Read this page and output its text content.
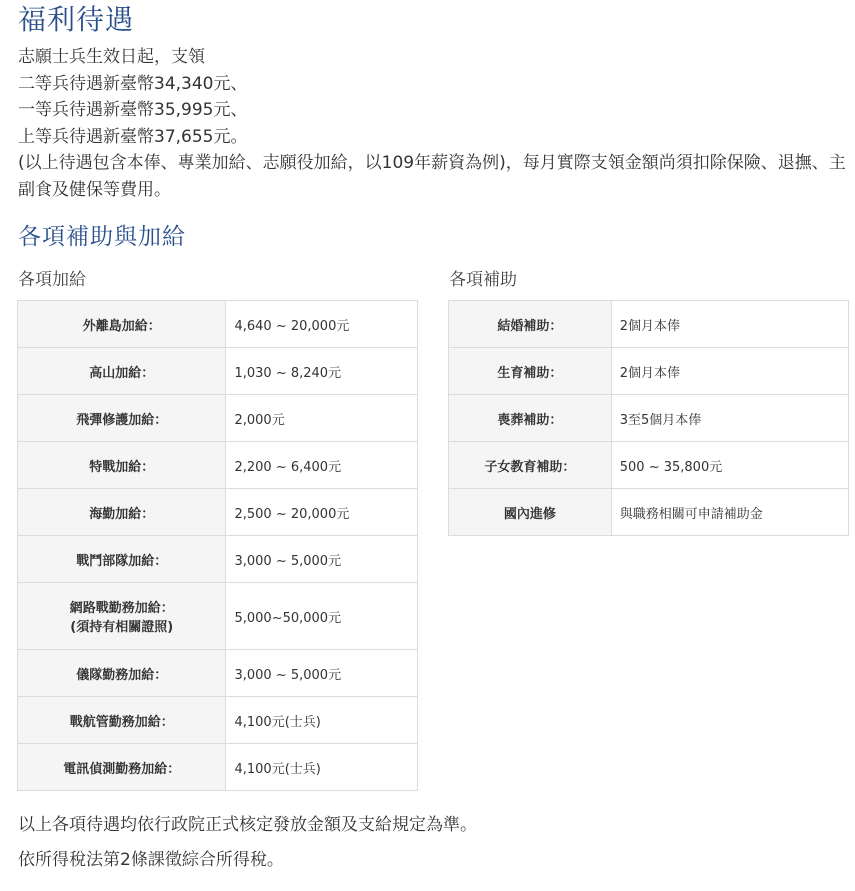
福利待遇
志願士兵生效日起，支領
二等兵待遇新臺幣34,340元、
一等兵待遇新臺幣35,995元、
上等兵待遇新臺幣37,655元。
(以上待遇包含本俸、專業加給、志願役加給，以109年薪資為例)，每月實際支領金額尚須扣除保險、退撫、主副食及健保等費用。
各項補助與加給
各項加給	各項補助
外離島加給：	4,640 ~ 20,000元
高山加給：	1,030 ~ 8,240元
飛彈修護加給：	2,000元
特戰加給：	2,200 ~ 6,400元
海勤加給：	2,500 ~ 20,000元
戰鬥部隊加給：	3,000 ~ 5,000元

網路戰勤務加給：
(須持有相關證照)	5,000~50,000元
儀隊勤務加給：	3,000 ~ 5,000元
戰航管勤務加給：	4,100元(士兵)
電訊偵測勤務加給：	4,100元(士兵)
結婚補助：	2個月本俸
生育補助：	2個月本俸
喪葬補助：	3至5個月本俸
子女教育補助：	500 ~ 35,800元
國內進修	與職務相關可申請補助金
以上各項待遇均依行政院正式核定發放金額及支給規定為準。
依所得稅法第2條課徵綜合所得稅。
